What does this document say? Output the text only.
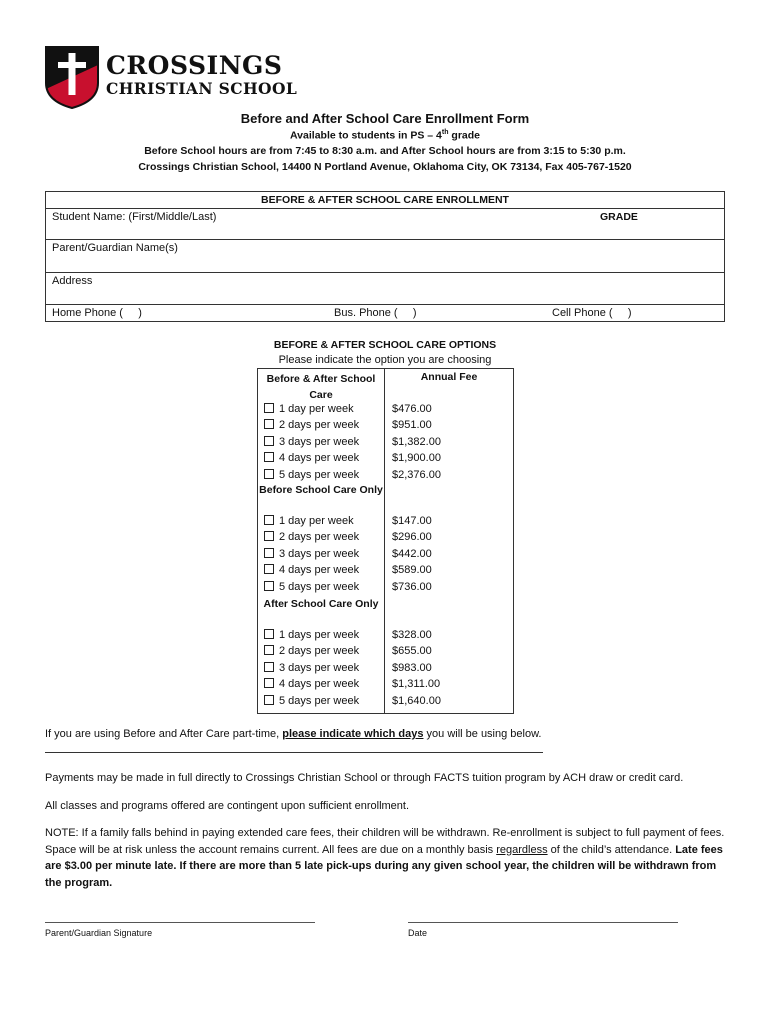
CROSSINGS
CHRISTIAN SCHOOL
Before and After School Care Enrollment Form
Available to students in PS – 4th grade
Before School hours are from 7:45 to 8:30 a.m. and After School hours are from 3:15 to 5:30 p.m.
Crossings Christian School, 14400 N Portland Avenue, Oklahoma City, OK 73134, Fax 405-767-1520
BEFORE & AFTER SCHOOL CARE ENROLLMENT
Student Name: (First/Middle/Last)	GRADE
Parent/Guardian Name(s)
Address
Home Phone (     )	Bus. Phone (     )	Cell Phone (     )
BEFORE & AFTER SCHOOL CARE OPTIONS
Please indicate the option you are choosing
Annual Fee
Before & After School Care
1 day per week	$476.00
2 days per week	$951.00
3 days per week	$1,382.00
4 days per week	$1,900.00
5 days per week	$2,376.00
Before School Care Only
1 day per week	$147.00
2 days per week	$296.00
3 days per week	$442.00
4 days per week	$589.00
5 days per week	$736.00
After School Care Only
1 days per week	$328.00
2 days per week	$655.00
3 days per week	$983.00
4 days per week	$1,311.00
5 days per week	$1,640.00
If you are using Before and After Care part-time, please indicate which days you will be using below.
Payments may be made in full directly to Crossings Christian School or through FACTS tuition program by ACH draw or credit card.
All classes and programs offered are contingent upon sufficient enrollment.
NOTE: If a family falls behind in paying extended care fees, their children will be withdrawn. Re-enrollment is subject to full payment of fees. Space will be at risk unless the account remains current. All fees are due on a monthly basis regardless of the child’s attendance. Late fees are $3.00 per minute late. If there are more than 5 late pick-ups during any given school year, the children will be withdrawn from the program.
Parent/Guardian Signature	Date
